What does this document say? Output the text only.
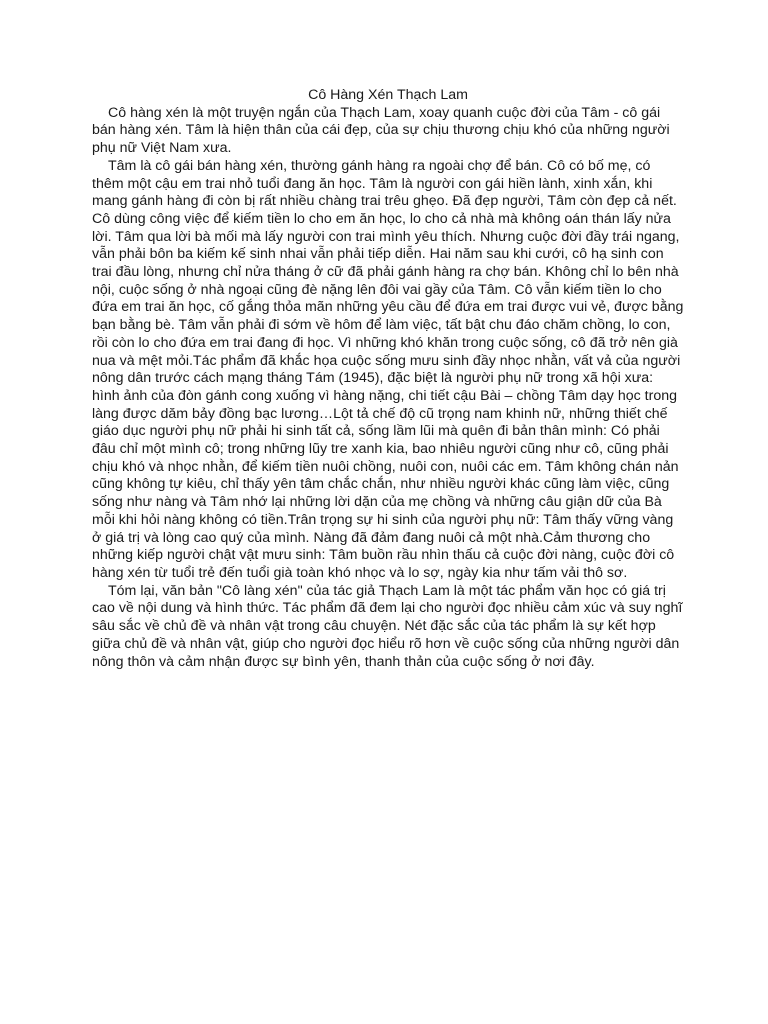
Cô Hàng Xén Thạch Lam

Cô hàng xén là một truyện ngắn của Thạch Lam, xoay quanh cuộc đời của Tâm - cô gái bán hàng xén. Tâm là hiện thân của cái đẹp, của sự chịu thương chịu khó của những người phụ nữ Việt Nam xưa.

Tâm là cô gái bán hàng xén, thường gánh hàng ra ngoài chợ để bán. Cô có bố mẹ, có thêm một cậu em trai nhỏ tuổi đang ăn học. Tâm là người con gái hiền lành, xinh xắn, khi mang gánh hàng đi còn bị rất nhiều chàng trai trêu ghẹo. Đã đẹp người, Tâm còn đẹp cả nết. Cô dùng công việc để kiếm tiền lo cho em ăn học, lo cho cả nhà mà không oán thán lấy nửa lời. Tâm qua lời bà mối mà lấy người con trai mình yêu thích. Nhưng cuộc đời đầy trái ngang, vẫn phải bôn ba kiếm kế sinh nhai vẫn phải tiếp diễn. Hai năm sau khi cưới, cô hạ sinh con trai đầu lòng, nhưng chỉ nửa tháng ở cữ đã phải gánh hàng ra chợ bán. Không chỉ lo bên nhà nội, cuộc sống ở nhà ngoại cũng đè nặng lên đôi vai gầy của Tâm. Cô vẫn kiếm tiền lo cho đứa em trai ăn học, cố gắng thỏa mãn những yêu cầu để đứa em trai được vui vẻ, được bằng bạn bằng bè. Tâm vẫn phải đi sớm về hôm để làm việc, tất bật chu đáo chăm chồng, lo con, rồi còn lo cho đứa em trai đang đi học. Vì những khó khăn trong cuộc sống, cô đã trở nên già nua và mệt mỏi.Tác phẩm đã khắc họa cuộc sống mưu sinh đầy nhọc nhằn, vất vả của người nông dân trước cách mạng tháng Tám (1945), đặc biệt là người phụ nữ trong xã hội xưa: hình ảnh của đòn gánh cong xuống vì hàng nặng, chi tiết cậu Bài – chồng Tâm dạy học trong làng được dăm bảy đồng bạc lương…Lột tả chế độ cũ trọng nam khinh nữ, những thiết chế giáo dục người phụ nữ phải hi sinh tất cả, sống lầm lũi mà quên đi bản thân mình: Có phải đâu chỉ một mình cô; trong những lũy tre xanh kia, bao nhiêu người cũng như cô, cũng phải chịu khó và nhọc nhằn, để kiếm tiền nuôi chồng, nuôi con, nuôi các em. Tâm không chán nản cũng không tự kiêu, chỉ thấy yên tâm chắc chắn, như nhiều người khác cũng làm việc, cũng sống như nàng và Tâm nhớ lại những lời dặn của mẹ chồng và những câu giận dữ của Bà mỗi khi hỏi nàng không có tiền.Trân trọng sự hi sinh của người phụ nữ: Tâm thấy vững vàng ở giá trị và lòng cao quý của mình. Nàng đã đảm đang nuôi cả một nhà.Cảm thương cho những kiếp người chật vật mưu sinh: Tâm buồn rầu nhìn thấu cả cuộc đời nàng, cuộc đời cô hàng xén từ tuổi trẻ đến tuổi già toàn khó nhọc và lo sợ, ngày kia như tấm vải thô sơ.

Tóm lại, văn bản "Cô làng xén" của tác giả Thạch Lam là một tác phẩm văn học có giá trị cao về nội dung và hình thức. Tác phẩm đã đem lại cho người đọc nhiều cảm xúc và suy nghĩ sâu sắc về chủ đề và nhân vật trong câu chuyện. Nét đặc sắc của tác phẩm là sự kết hợp giữa chủ đề và nhân vật, giúp cho người đọc hiểu rõ hơn về cuộc sống của những người dân nông thôn và cảm nhận được sự bình yên, thanh thản của cuộc sống ở nơi đây.
